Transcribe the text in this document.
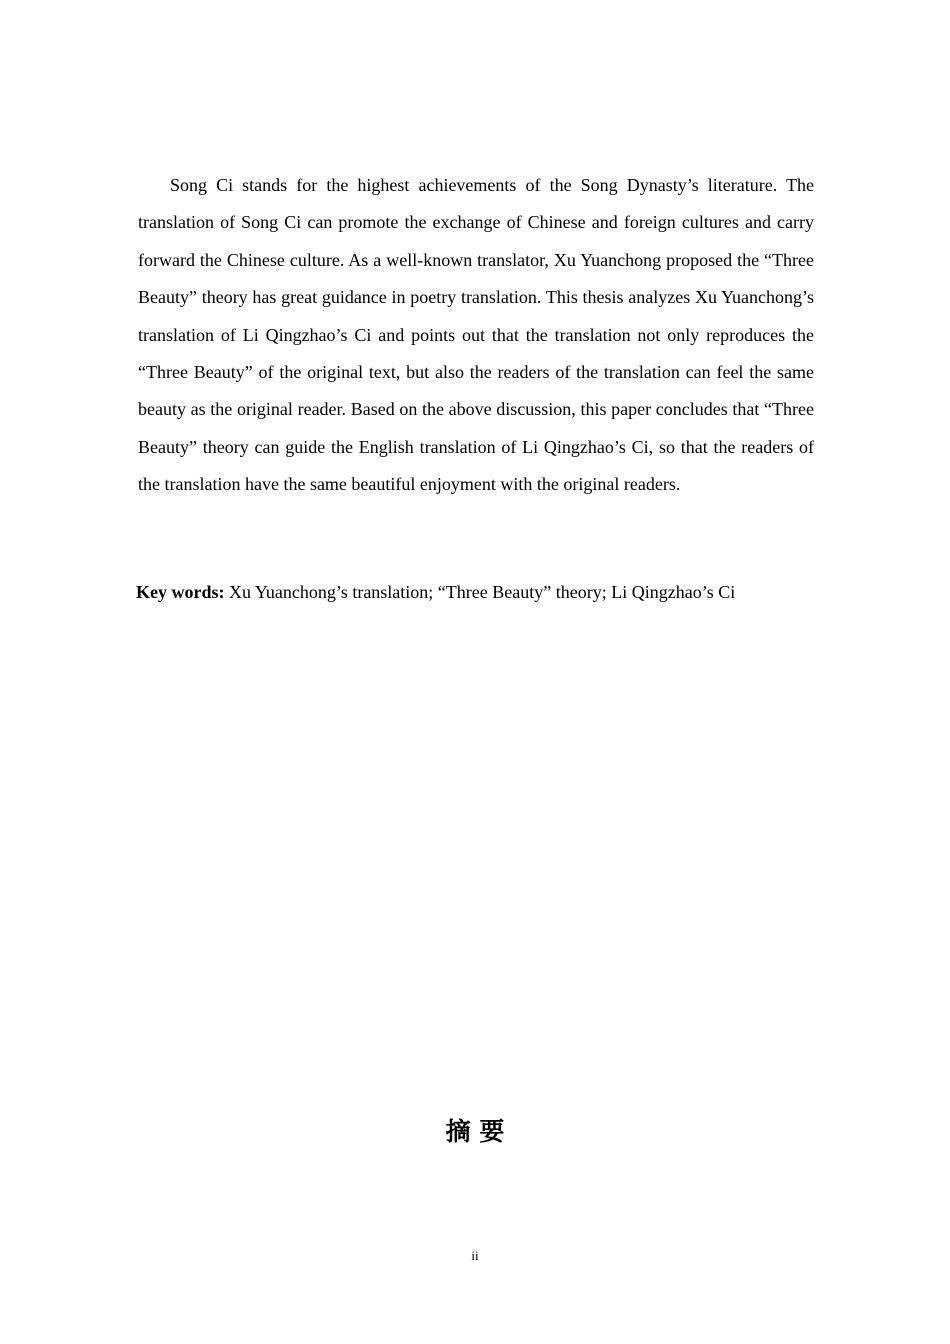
Song Ci stands for the highest achievements of the Song Dynasty’s literature. The translation of Song Ci can promote the exchange of Chinese and foreign cultures and carry forward the Chinese culture. As a well-known translator, Xu Yuanchong proposed the “Three Beauty” theory has great guidance in poetry translation. This thesis analyzes Xu Yuanchong’s translation of Li Qingzhao’s Ci and points out that the translation not only reproduces the “Three Beauty” of the original text, but also the readers of the translation can feel the same beauty as the original reader. Based on the above discussion, this paper concludes that “Three Beauty” theory can guide the English translation of Li Qingzhao’s Ci, so that the readers of the translation have the same beautiful enjoyment with the original readers.

Key words: Xu Yuanchong’s translation; “Three Beauty” theory; Li Qingzhao’s Ci

摘 要
ii
